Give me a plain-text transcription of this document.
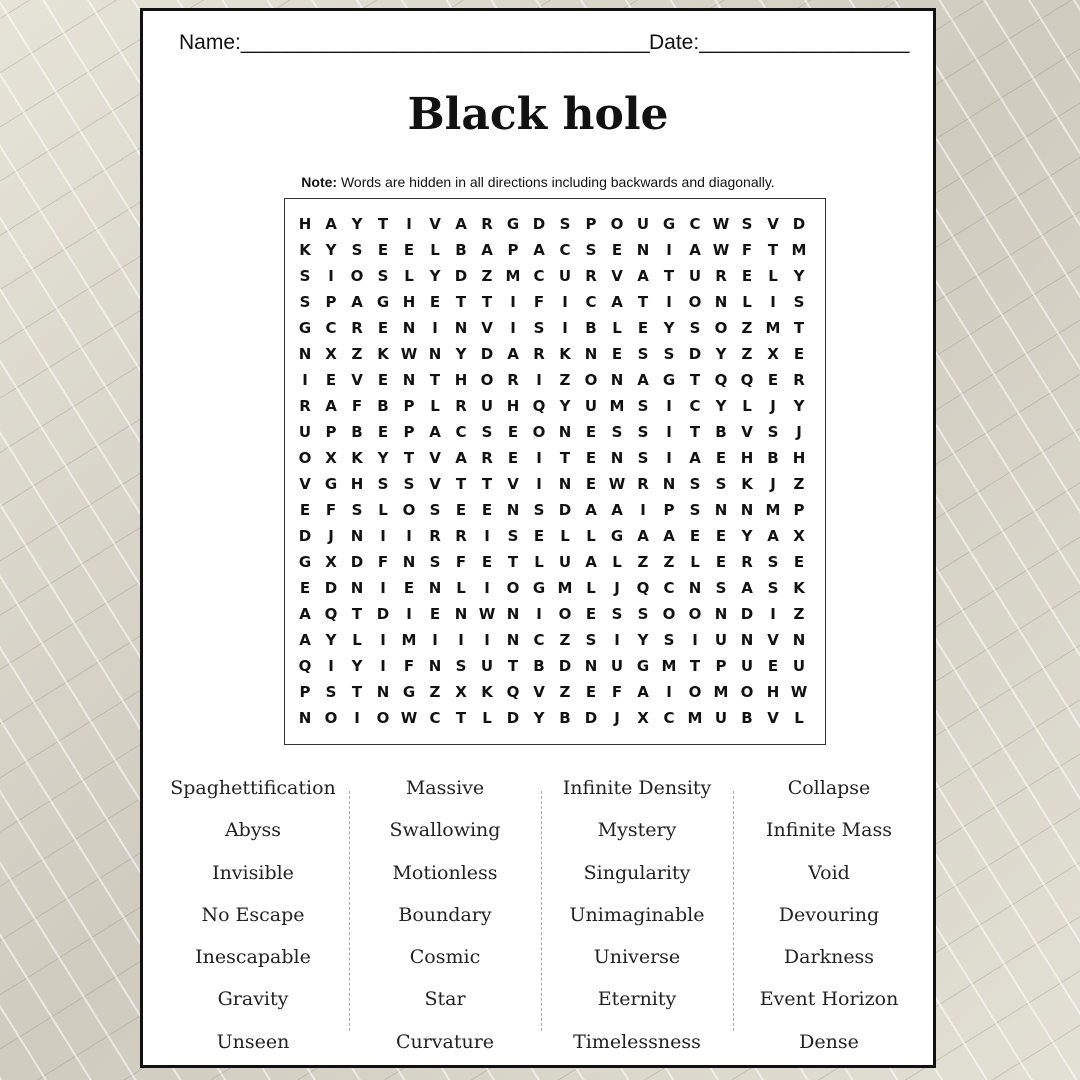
Name:___________________________________ Date:__________________
Black hole
Note: Words are hidden in all directions including backwards and diagonally.
H A Y	T	I	V A R G D S	P O U G C W S V D
K Y	S	E	E	L	B A P A C	S	E N	I	A W F	T M
S	I	O S	L	Y D Z M C U R V A	T U R	E	L	Y
S	P A G H E	T	T	I	F	I	C A	T	I	O N L	I	S
G C R	E N	I	N V	I	S	I	B	L	E	Y	S O Z M T
N X Z K W N Y D A R K N E	S	S D Y	Z X	E
I	E	V	E N T H O R	I	Z O N A G T Q Q E	R
R A	F	B P	L	R U H Q Y U M S	I	C	Y	L	J	Y
U P B	E	P A C	S	E O N E	S	S	I	T	B V S	J
O X K Y	T	V A R	E	I	T	E N S	I	A	E H B H
V G H S	S V	T	T	V	I	N E W R N S	S K	J	Z
E	F	S	L O S	E	E N S D A A	I	P	S N N M P
D	J	N	I	I	R R	I	S	E	L	L	G A A	E	E	Y A X
G X D F N S	F	E	T	L	U A	L	Z	Z	L	E	R S	E
E D N	I	E N L	I	O G M L	J	Q C N S A S K
A Q T D	I	E N W N	I	O E	S	S O O N D	I	Z
A Y	L	I	M	I	I	I	N C	Z	S	I	Y	S	I	U N V N
Q	I	Y	I	F N S U T	B D N U G M T	P U E U
P	S	T N G Z X K Q V Z	E	F	A	I	O M O H W
N O	I	O W C	T	L D Y B D	J	X C M U B V	L
Spaghettification
Abyss
Invisible
No Escape
Inescapable
Gravity
Unseen
Massive
Swallowing
Motionless
Boundary
Cosmic
Star
Curvature
Infinite Density
Mystery
Singularity
Unimaginable
Universe
Eternity
Timelessness
Collapse
Infinite Mass
Void
Devouring
Darkness
Event Horizon
Dense
